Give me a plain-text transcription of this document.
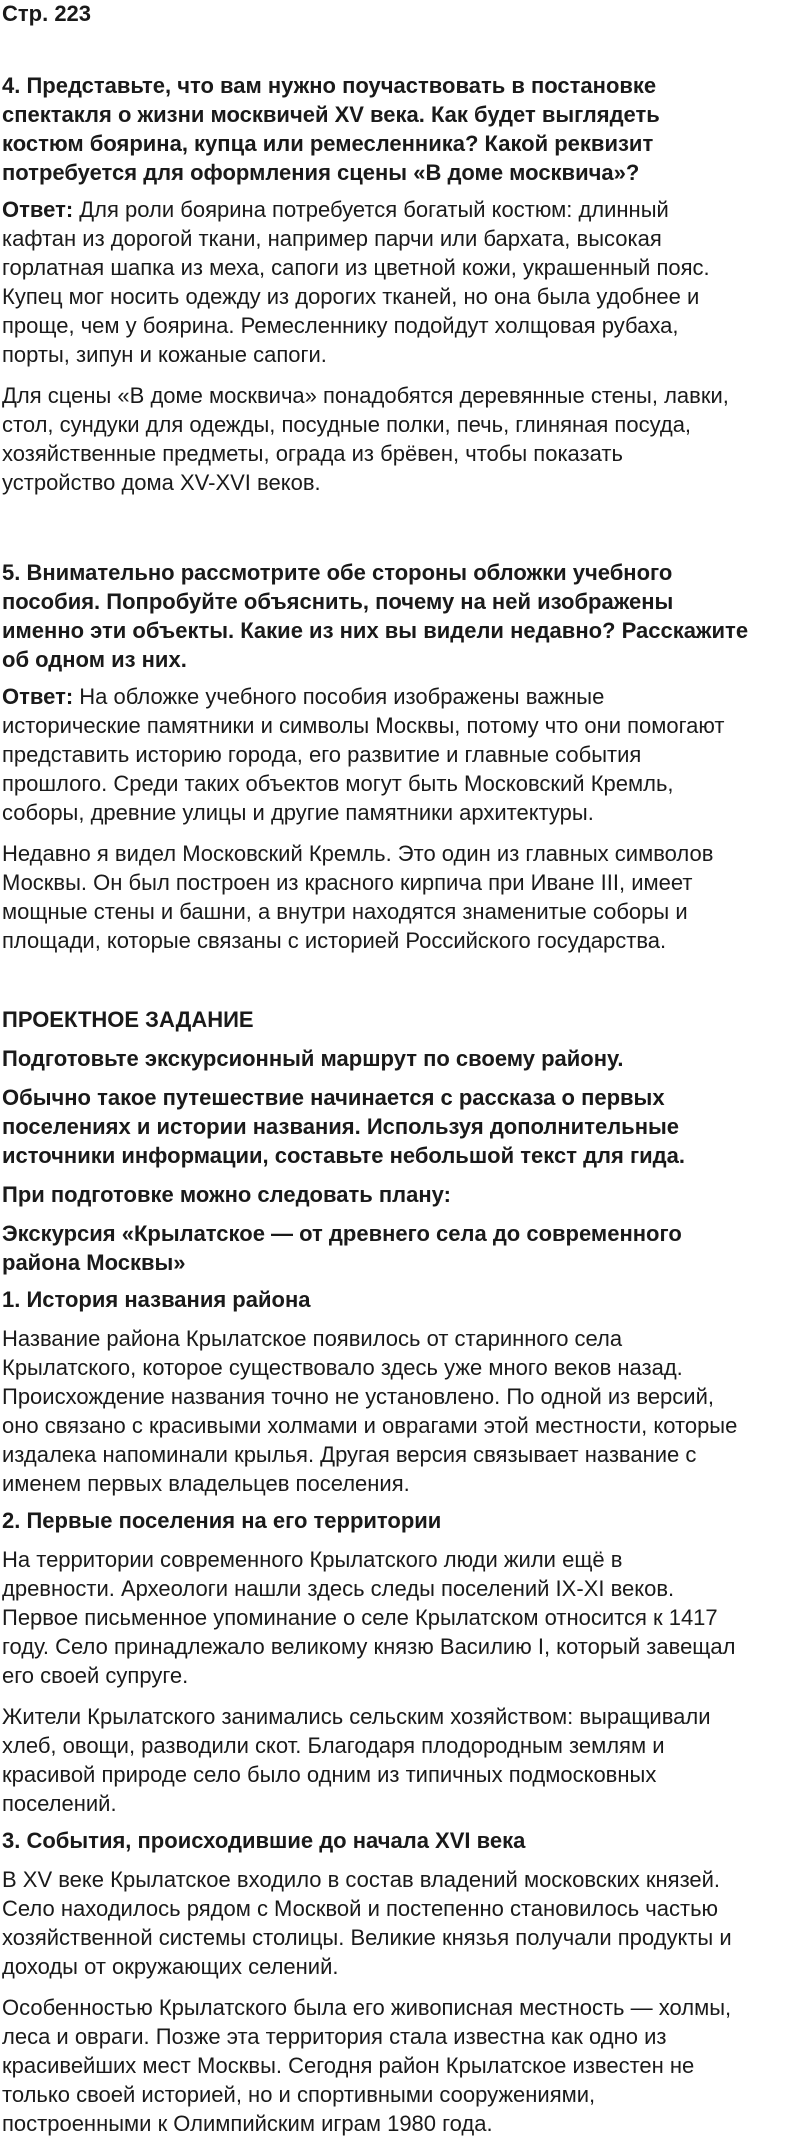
Стр. 223

4. Представьте, что вам нужно поучаствовать в постановке

спектакля о жизни москвичей XV века. Как будет выглядеть

костюм боярина, купца или ремесленника? Какой реквизит

потребуется для оформления сцены «В доме москвича»?

Ответ: Для роли боярина потребуется богатый костюм: длинный

кафтан из дорогой ткани, например парчи или бархата, высокая

горлатная шапка из меха, сапоги из цветной кожи, украшенный пояс.

Купец мог носить одежду из дорогих тканей, но она была удобнее и

проще, чем у боярина. Ремесленнику подойдут холщовая рубаха,

порты, зипун и кожаные сапоги.

Для сцены «В доме москвича» понадобятся деревянные стены, лавки,

стол, сундуки для одежды, посудные полки, печь, глиняная посуда,

хозяйственные предметы, ограда из брёвен, чтобы показать

устройство дома XV-XVI веков.

5. Внимательно рассмотрите обе стороны обложки учебного

пособия. Попробуйте объяснить, почему на ней изображены

именно эти объекты. Какие из них вы видели недавно? Расскажите

об одном из них.

Ответ: На обложке учебного пособия изображены важные

исторические памятники и символы Москвы, потому что они помогают

представить историю города, его развитие и главные события

прошлого. Среди таких объектов могут быть Московский Кремль,

соборы, древние улицы и другие памятники архитектуры.

Недавно я видел Московский Кремль. Это один из главных символов

Москвы. Он был построен из красного кирпича при Иване III, имеет

мощные стены и башни, а внутри находятся знаменитые соборы и

площади, которые связаны с историей Российского государства.

ПРОЕКТНОЕ ЗАДАНИЕ

Подготовьте экскурсионный маршрут по своему району.

Обычно такое путешествие начинается с рассказа о первых

поселениях и истории названия. Используя дополнительные

источники информации, составьте небольшой текст для гида.

При подготовке можно следовать плану:

Экскурсия «Крылатское — от древнего села до современного

района Москвы»

1. История названия района

Название района Крылатское появилось от старинного села

Крылатского, которое существовало здесь уже много веков назад.

Происхождение названия точно не установлено. По одной из версий,

оно связано с красивыми холмами и оврагами этой местности, которые

издалека напоминали крылья. Другая версия связывает название с

именем первых владельцев поселения.

2. Первые поселения на его территории

На территории современного Крылатского люди жили ещё в

древности. Археологи нашли здесь следы поселений IX-XI веков.

Первое письменное упоминание о селе Крылатском относится к 1417

году. Село принадлежало великому князю Василию I, который завещал

его своей супруге.

Жители Крылатского занимались сельским хозяйством: выращивали

хлеб, овощи, разводили скот. Благодаря плодородным землям и

красивой природе село было одним из типичных подмосковных

поселений.

3. События, происходившие до начала XVI века

В XV веке Крылатское входило в состав владений московских князей.

Село находилось рядом с Москвой и постепенно становилось частью

хозяйственной системы столицы. Великие князья получали продукты и

доходы от окружающих селений.

Особенностью Крылатского была его живописная местность — холмы,

леса и овраги. Позже эта территория стала известна как одно из

красивейших мест Москвы. Сегодня район Крылатское известен не

только своей историей, но и спортивными сооружениями,

построенными к Олимпийским играм 1980 года.
